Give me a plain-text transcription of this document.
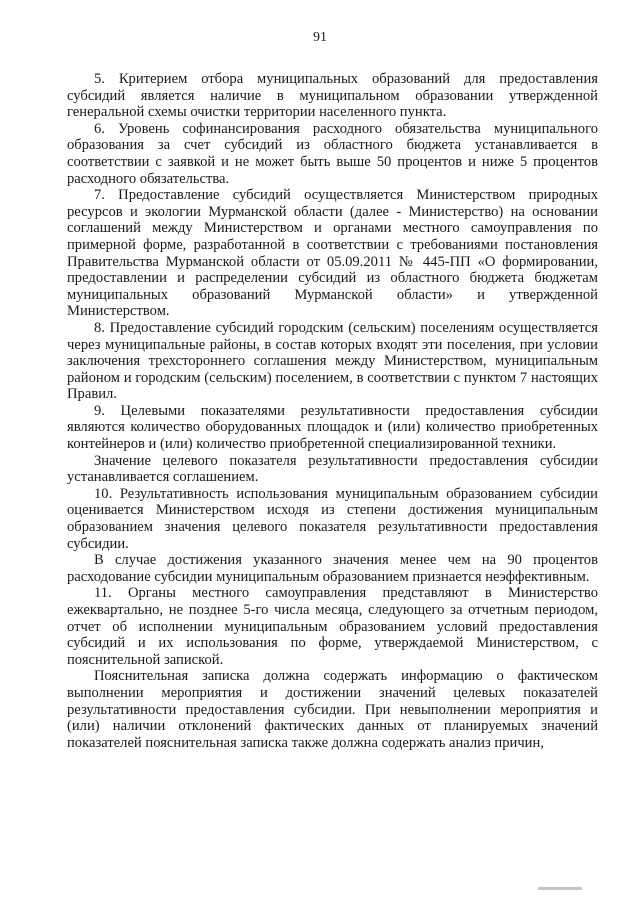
91

5. Критерием отбора муниципальных образований для предоставления субсидий является наличие в муниципальном образовании утвержденной генеральной схемы очистки территории населенного пункта.

6. Уровень софинансирования расходного обязательства муниципального образования за счет субсидий из областного бюджета устанавливается в соответствии с заявкой и не может быть выше 50 процентов и ниже 5 процентов расходного обязательства.

7. Предоставление субсидий осуществляется Министерством природных ресурсов и экологии Мурманской области (далее - Министерство) на основании соглашений между Министерством и органами местного самоуправления по примерной форме, разработанной в соответствии с требованиями постановления Правительства Мурманской области от 05.09.2011 № 445-ПП «О формировании, предоставлении и распределении субсидий из областного бюджета бюджетам муниципальных образований Мурманской области» и утвержденной Министерством.

8. Предоставление субсидий городским (сельским) поселениям осуществляется через муниципальные районы, в состав которых входят эти поселения, при условии заключения трехстороннего соглашения между Министерством, муниципальным районом и городским (сельским) поселением, в соответствии с пунктом 7 настоящих Правил.

9. Целевыми показателями результативности предоставления субсидии являются количество оборудованных площадок и (или) количество приобретенных контейнеров и (или) количество приобретенной специализированной техники.

Значение целевого показателя результативности предоставления субсидии устанавливается соглашением.

10. Результативность использования муниципальным образованием субсидии оценивается Министерством исходя из степени достижения муниципальным образованием значения целевого показателя результативности предоставления субсидии.

В случае достижения указанного значения менее чем на 90 процентов расходование субсидии муниципальным образованием признается неэффективным.

11. Органы местного самоуправления представляют в Министерство ежеквартально, не позднее 5-го числа месяца, следующего за отчетным периодом, отчет об исполнении муниципальным образованием условий предоставления субсидий и их использования по форме, утверждаемой Министерством, с пояснительной запиской.

Пояснительная записка должна содержать информацию о фактическом выполнении мероприятия и достижении значений целевых показателей результативности предоставления субсидии. При невыполнении мероприятия и (или) наличии отклонений фактических данных от планируемых значений показателей пояснительная записка также должна содержать анализ причин,
